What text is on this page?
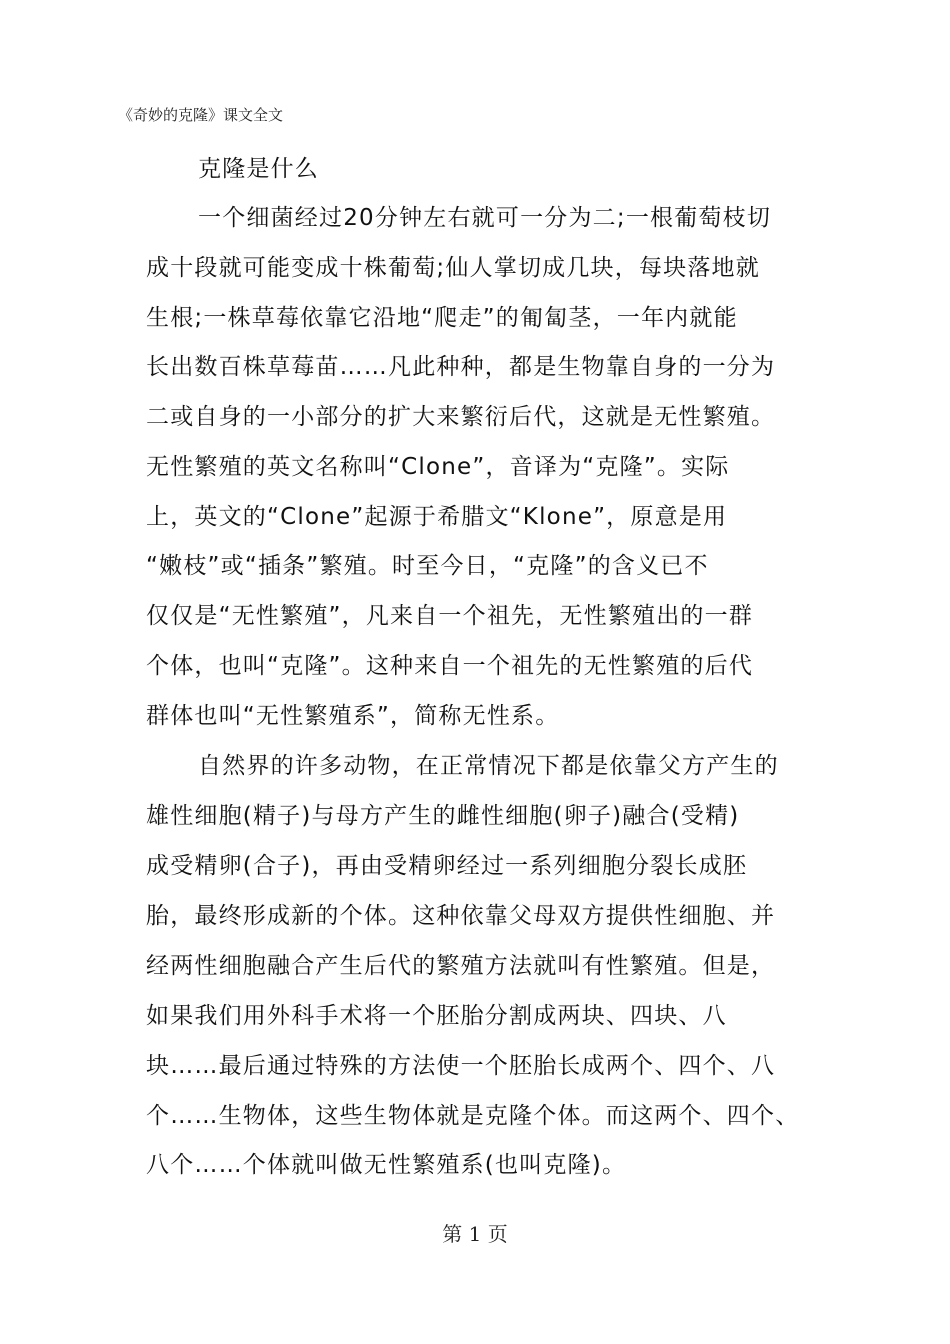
《奇妙的克隆》课文全文
克隆是什么
一个细菌经过20分钟左右就可一分为二;一根葡萄枝切
成十段就可能变成十株葡萄;仙人掌切成几块，每块落地就
生根;一株草莓依靠它沿地“爬走”的匍匐茎，一年内就能
长出数百株草莓苗……凡此种种，都是生物靠自身的一分为
二或自身的一小部分的扩大来繁衍后代，这就是无性繁殖。
无性繁殖的英文名称叫“Clone”，音译为“克隆”。实际
上，英文的“Clone”起源于希腊文“Klone”，原意是用
“嫩枝”或“插条”繁殖。时至今日，“克隆”的含义已不
仅仅是“无性繁殖”，凡来自一个祖先，无性繁殖出的一群
个体，也叫“克隆”。这种来自一个祖先的无性繁殖的后代
群体也叫“无性繁殖系”，简称无性系。
自然界的许多动物，在正常情况下都是依靠父方产生的
雄性细胞(精子)与母方产生的雌性细胞(卵子)融合(受精)
成受精卵(合子)，再由受精卵经过一系列细胞分裂长成胚
胎，最终形成新的个体。这种依靠父母双方提供性细胞、并
经两性细胞融合产生后代的繁殖方法就叫有性繁殖。但是，
如果我们用外科手术将一个胚胎分割成两块、四块、八
块……最后通过特殊的方法使一个胚胎长成两个、四个、八
个……生物体，这些生物体就是克隆个体。而这两个、四个、
八个……个体就叫做无性繁殖系(也叫克隆)。
第 1 页
